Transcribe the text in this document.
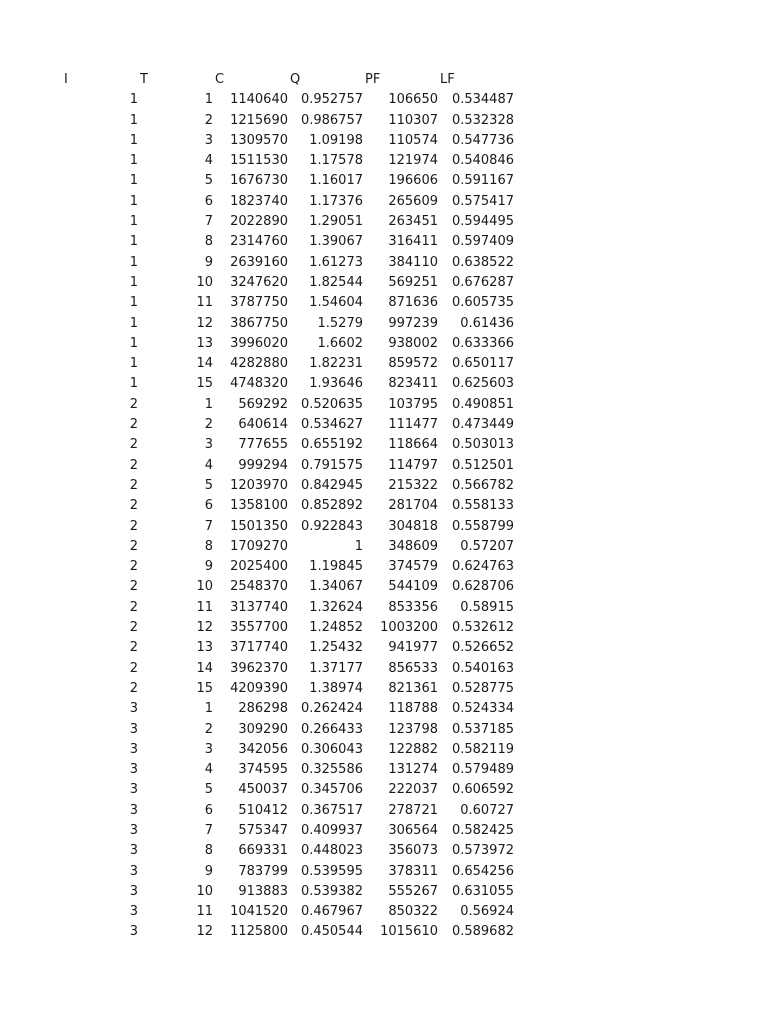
I	T	C	Q	PF	LF
1	1 1140640 0.952757 106650 0.534487
1	2 1215690 0.986757 110307 0.532328
1	3 1309570 1.09198 110574 0.547736
1	4 1511530 1.17578 121974 0.540846
1	5 1676730 1.16017 196606 0.591167
1	6 1823740 1.17376 265609 0.575417
1	7 2022890 1.29051 263451 0.594495
1	8 2314760 1.39067 316411 0.597409
1	9 2639160 1.61273 384110 0.638522
1	10 3247620 1.82544 569251 0.676287
1	11 3787750 1.54604 871636 0.605735
1	12 3867750 1.5279 997239 0.61436
1	13 3996020 1.6602 938002 0.633366
1	14 4282880 1.82231 859572 0.650117
1	15 4748320 1.93646 823411 0.625603
2	1 569292 0.520635 103795 0.490851
2	2 640614 0.534627 111477 0.473449
2	3 777655 0.655192 118664 0.503013
2	4 999294 0.791575 114797 0.512501
2	5 1203970 0.842945 215322 0.566782
2	6 1358100 0.852892 281704 0.558133
2	7 1501350 0.922843 304818 0.558799
2	8 1709270	1 348609 0.57207
2	9 2025400 1.19845 374579 0.624763
2	10 2548370 1.34067 544109 0.628706
2	11 3137740 1.32624 853356 0.58915
2	12 3557700 1.24852 1003200 0.532612
2	13 3717740 1.25432 941977 0.526652
2	14 3962370 1.37177 856533 0.540163
2	15 4209390 1.38974 821361 0.528775
3	1 286298 0.262424 118788 0.524334
3	2 309290 0.266433 123798 0.537185
3	3 342056 0.306043 122882 0.582119
3	4 374595 0.325586 131274 0.579489
3	5 450037 0.345706 222037 0.606592
3	6 510412 0.367517 278721 0.60727
3	7 575347 0.409937 306564 0.582425
3	8 669331 0.448023 356073 0.573972
3	9 783799 0.539595 378311 0.654256
3	10 913883 0.539382 555267 0.631055
3	11 1041520 0.467967 850322 0.56924
3	12 1125800 0.450544 1015610 0.589682
